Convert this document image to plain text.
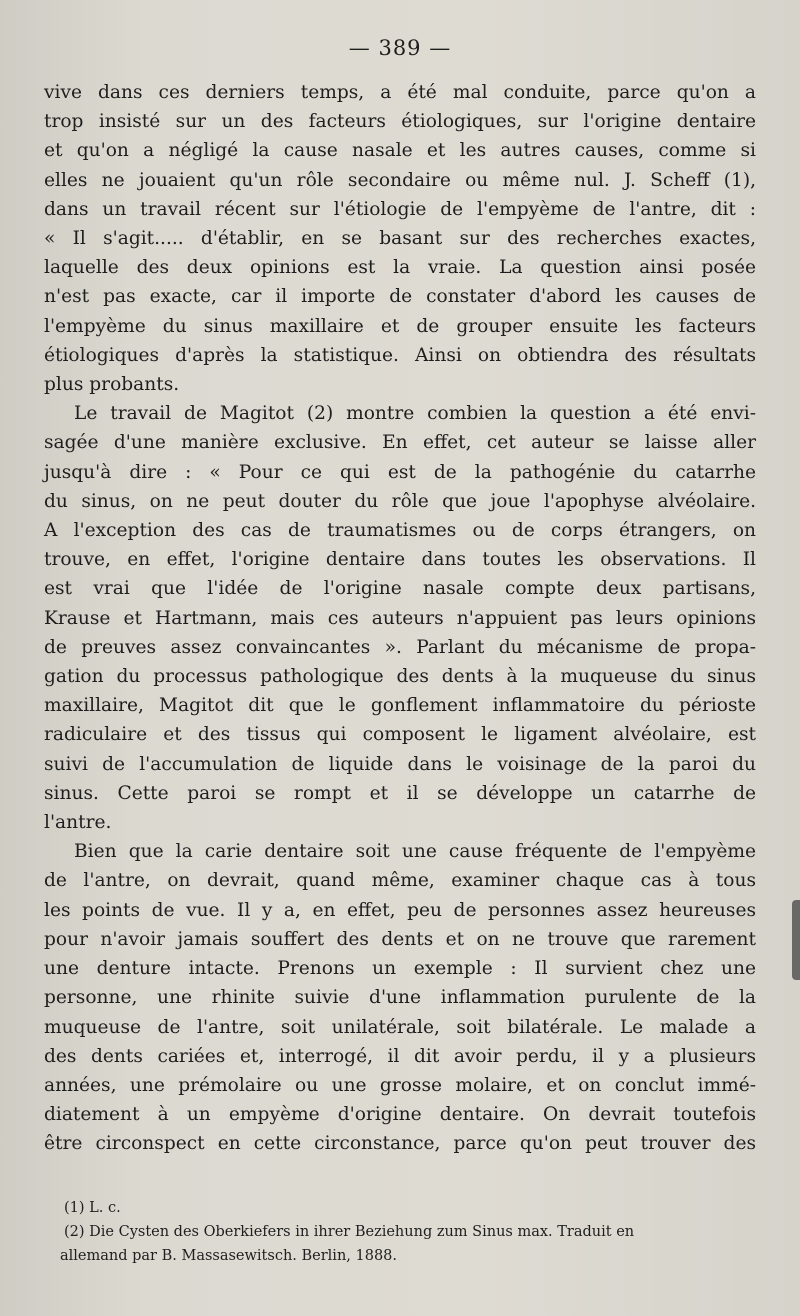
— 389 —
vive dans ces derniers temps, a été mal conduite, parce qu'on a
trop insisté sur un des facteurs étiologiques, sur l'origine dentaire
et qu'on a négligé la cause nasale et les autres causes, comme si
elles ne jouaient qu'un rôle secondaire ou même nul. J. Scheff (1),
dans un travail récent sur l'étiologie de l'empyème de l'antre, dit :
« Il s'agit..... d'établir, en se basant sur des recherches exactes,
laquelle des deux opinions est la vraie. La question ainsi posée
n'est pas exacte, car il importe de constater d'abord les causes de
l'empyème du sinus maxillaire et de grouper ensuite les facteurs
étiologiques d'après la statistique. Ainsi on obtiendra des résultats
plus probants.
Le travail de Magitot (2) montre combien la question a été envi-
sagée d'une manière exclusive. En effet, cet auteur se laisse aller
jusqu'à dire : « Pour ce qui est de la pathogénie du catarrhe
du sinus, on ne peut douter du rôle que joue l'apophyse alvéolaire.
A l'exception des cas de traumatismes ou de corps étrangers, on
trouve, en effet, l'origine dentaire dans toutes les observations. Il
est vrai que l'idée de l'origine nasale compte deux partisans,
Krause et Hartmann, mais ces auteurs n'appuient pas leurs opinions
de preuves assez convaincantes ». Parlant du mécanisme de propa-
gation du processus pathologique des dents à la muqueuse du sinus
maxillaire, Magitot dit que le gonflement inflammatoire du périoste
radiculaire et des tissus qui composent le ligament alvéolaire, est
suivi de l'accumulation de liquide dans le voisinage de la paroi du
sinus. Cette paroi se rompt et il se développe un catarrhe de
l'antre.
Bien que la carie dentaire soit une cause fréquente de l'empyème
de l'antre, on devrait, quand même, examiner chaque cas à tous
les points de vue. Il y a, en effet, peu de personnes assez heureuses
pour n'avoir jamais souffert des dents et on ne trouve que rarement
une denture intacte. Prenons un exemple : Il survient chez une
personne, une rhinite suivie d'une inflammation purulente de la
muqueuse de l'antre, soit unilatérale, soit bilatérale. Le malade a
des dents cariées et, interrogé, il dit avoir perdu, il y a plusieurs
années, une prémolaire ou une grosse molaire, et on conclut immé-
diatement à un empyème d'origine dentaire. On devrait toutefois
être circonspect en cette circonstance, parce qu'on peut trouver des
(1) L. c.
(2) Die Cysten des Oberkiefers in ihrer Beziehung zum Sinus max. Traduit en
allemand par B. Massasewitsch. Berlin, 1888.
